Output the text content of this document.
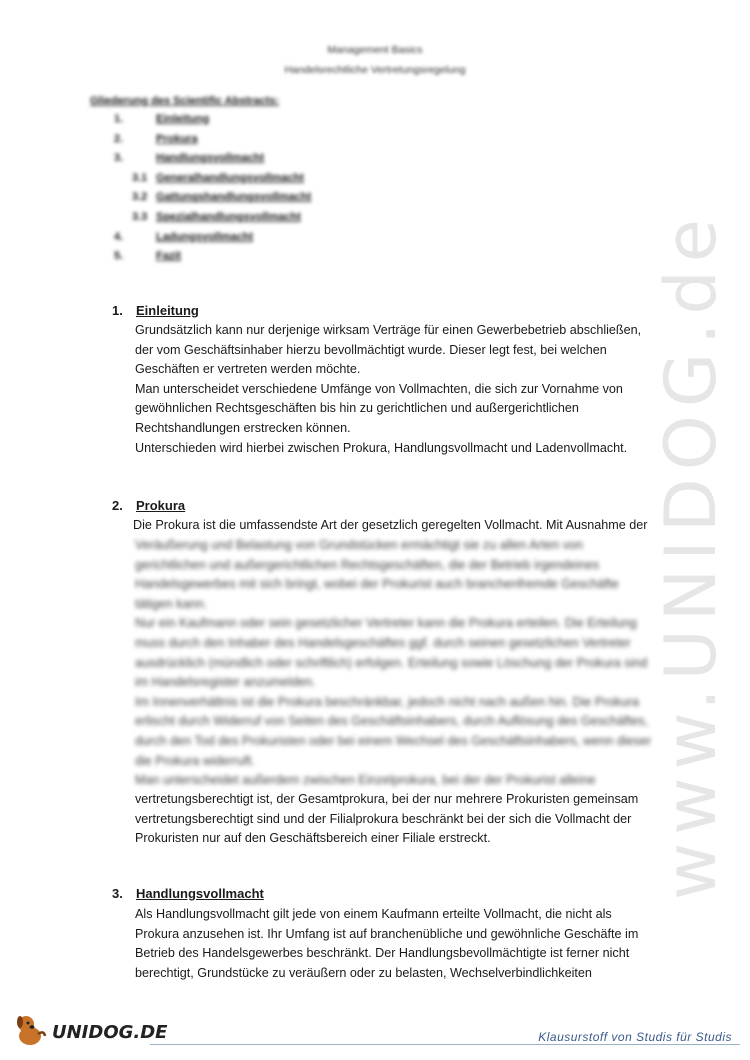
Management Basics
Handelsrechtliche Vertretungsregelung
Gliederung des Scientific Abstracts:
1.	Einleitung
2.	Prokura
3.	Handlungsvollmacht
3.1 Generalhandlungsvollmacht
3.2 Gattungshandlungsvollmacht
3.3 Spezialhandlungsvollmacht
4.	Ladungsvollmacht
5.	Fazit
1. Einleitung
Grundsätzlich kann nur derjenige wirksam Verträge für einen Gewerbebetrieb abschließen,
der vom Geschäftsinhaber hierzu bevollmächtigt wurde. Dieser legt fest, bei welchen
Geschäften er vertreten werden möchte.
Man unterscheidet verschiedene Umfänge von Vollmachten, die sich zur Vornahme von
gewöhnlichen Rechtsgeschäften bis hin zu gerichtlichen und außergerichtlichen
Rechtshandlungen erstrecken können.
Unterschieden wird hierbei zwischen Prokura, Handlungsvollmacht und Ladenvollmacht.
2. Prokura
Die Prokura ist die umfassendste Art der gesetzlich geregelten Vollmacht. Mit Ausnahme der
Veräußerung und Belastung von Grundstücken ermächtigt sie zu allen Arten von
gerichtlichen und außergerichtlichen Rechtsgeschäften, die der Betrieb irgendeines
Handelsgewerbes mit sich bringt, wobei der Prokurist auch branchenfremde Geschäfte
tätigen kann.
Nur ein Kaufmann oder sein gesetzlicher Vertreter kann die Prokura erteilen. Die Erteilung
muss durch den Inhaber des Handelsgeschäftes ggf. durch seinen gesetzlichen Vertreter
ausdrücklich (mündlich oder schriftlich) erfolgen. Erteilung sowie Löschung der Prokura sind
im Handelsregister anzumelden.
Im Innenverhältnis ist die Prokura beschränkbar, jedoch nicht nach außen hin. Die Prokura
erlischt durch Widerruf von Seiten des Geschäftsinhabers, durch Auflösung des Geschäftes,
durch den Tod des Prokuristen oder bei einem Wechsel des Geschäftsinhabers, wenn dieser
die Prokura widerruft.
Man unterscheidet außerdem zwischen Einzelprokura, bei der der Prokurist alleine
vertretungsberechtigt ist, der Gesamtprokura, bei der nur mehrere Prokuristen gemeinsam
vertretungsberechtigt sind und der Filialprokura beschränkt bei der sich die Vollmacht der
Prokuristen nur auf den Geschäftsbereich einer Filiale erstreckt.
3. Handlungsvollmacht
Als Handlungsvollmacht gilt jede von einem Kaufmann erteilte Vollmacht, die nicht als
Prokura anzusehen ist. Ihr Umfang ist auf branchenübliche und gewöhnliche Geschäfte im
Betrieb des Handelsgewerbes beschränkt. Der Handlungsbevollmächtigte ist ferner nicht
berechtigt, Grundstücke zu veräußern oder zu belasten, Wechselverbindlichkeiten
www.UNIDOG.de
UNIDOG.DE	Klausurstoff von Studis für Studis
